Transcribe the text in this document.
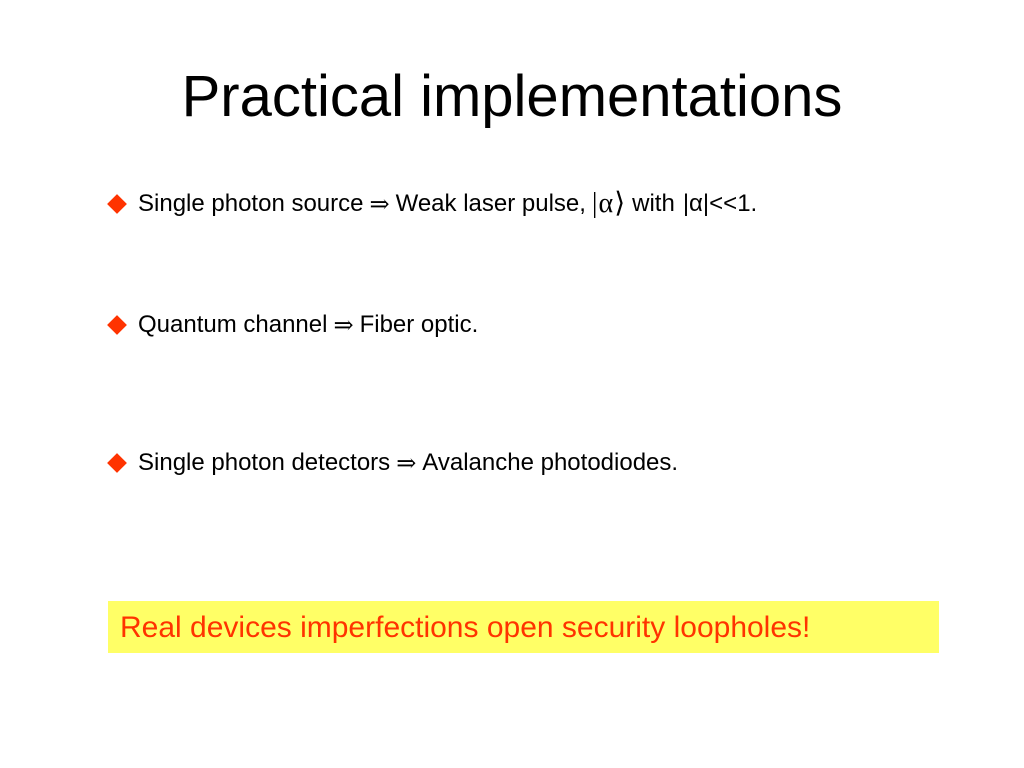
Practical implementations
Single photon source ⇒ Weak laser pulse, |α⟩ with |α|<<1.
Quantum channel ⇒ Fiber optic.
Single photon detectors ⇒ Avalanche photodiodes.
Real devices imperfections open security loopholes!
